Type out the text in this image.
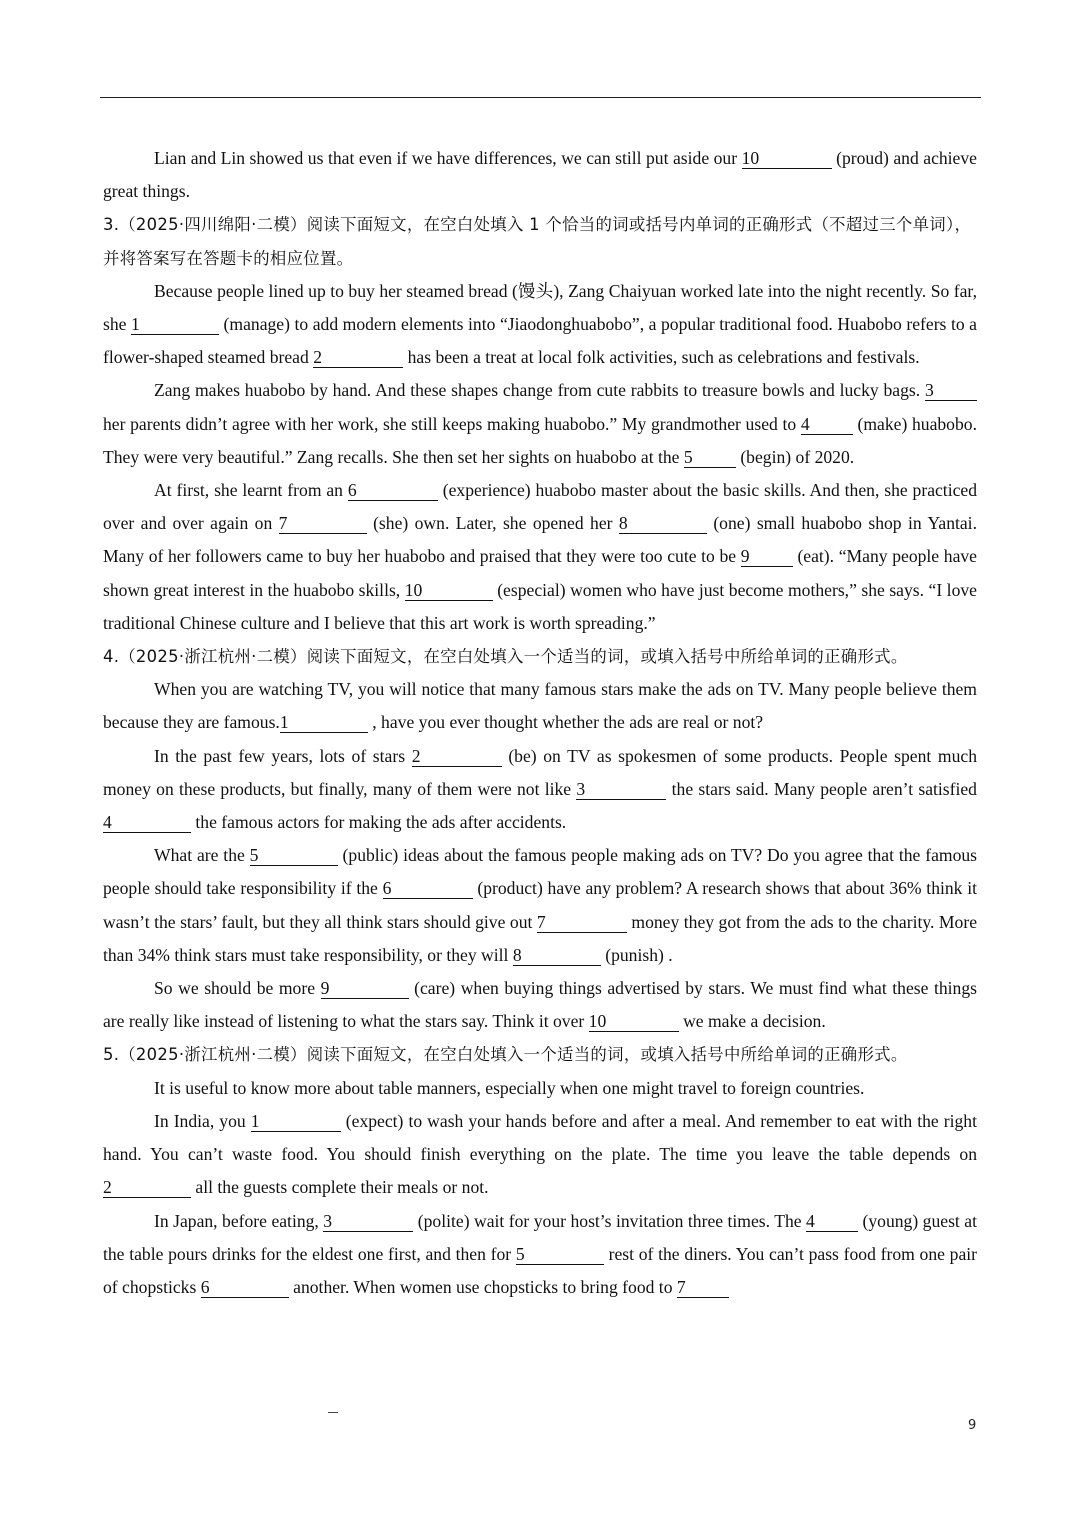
Lian and Lin showed us that even if we have differences, we can still put aside our 10	(proud) and achieve great things.

3.（2025·四川绵阳·二模）阅读下面短文，在空白处填入 1 个恰当的词或括号内单词的正确形式（不超过三个单词），并将答案写在答题卡的相应位置。

Because people lined up to buy her steamed bread (馒头), Zang Chaiyuan worked late into the night recently. So far, she 1	(manage) to add modern elements into “Jiaodonghuabobo”, a popular traditional food. Huabobo refers to a flower-shaped steamed bread 2	has been a treat at local folk activities, such as celebrations and festivals.

Zang makes huabobo by hand. And these shapes change from cute rabbits to treasure bowls and lucky bags. 3 her parents didn’t agree with her work, she still keeps making huabobo.” My grandmother used to 4	(make) huabobo. They were very beautiful.” Zang recalls. She then set her sights on huabobo at the 5	(begin) of 2020.

At first, she learnt from an 6	(experience) huabobo master about the basic skills. And then, she practiced over and over again on 7	(she) own. Later, she opened her 8	(one) small huabobo shop in Yantai. Many of her followers came to buy her huabobo and praised that they were too cute to be 9	(eat). “Many people have shown great interest in the huabobo skills, 10	(especial) women who have just become mothers,” she says. “I love traditional Chinese culture and I believe that this art work is worth spreading.”

4.（2025·浙江杭州·二模）阅读下面短文，在空白处填入一个适当的词，或填入括号中所给单词的正确形式。

When you are watching TV, you will notice that many famous stars make the ads on TV. Many people believe them because they are famous.1	, have you ever thought whether the ads are real or not?

In the past few years, lots of stars 2	(be) on TV as spokesmen of some products. People spent much money on these products, but finally, many of them were not like 3	the stars said. Many people aren’t satisfied 4	the famous actors for making the ads after accidents.

What are the 5	(public) ideas about the famous people making ads on TV? Do you agree that the famous people should take responsibility if the 6	(product) have any problem? A research shows that about 36% think it wasn’t the stars’ fault, but they all think stars should give out 7	money they got from the ads to the charity. More than 34% think stars must take responsibility, or they will 8	(punish) .

So we should be more 9	(care) when buying things advertised by stars. We must find what these things are really like instead of listening to what the stars say. Think it over 10	we make a decision.

5.（2025·浙江杭州·二模）阅读下面短文，在空白处填入一个适当的词，或填入括号中所给单词的正确形式。

It is useful to know more about table manners, especially when one might travel to foreign countries.

In India, you 1	(expect) to wash your hands before and after a meal. And remember to eat with the right hand. You can’t waste food. You should finish everything on the plate. The time you leave the table depends on 2	all the guests complete their meals or not.

In Japan, before eating, 3	(polite) wait for your host’s invitation three times. The 4	(young) guest at the table pours drinks for the eldest one first, and then for 5	rest of the diners. You can’t pass food from one pair of chopsticks 6	another. When women use chopsticks to bring food to 7

9
